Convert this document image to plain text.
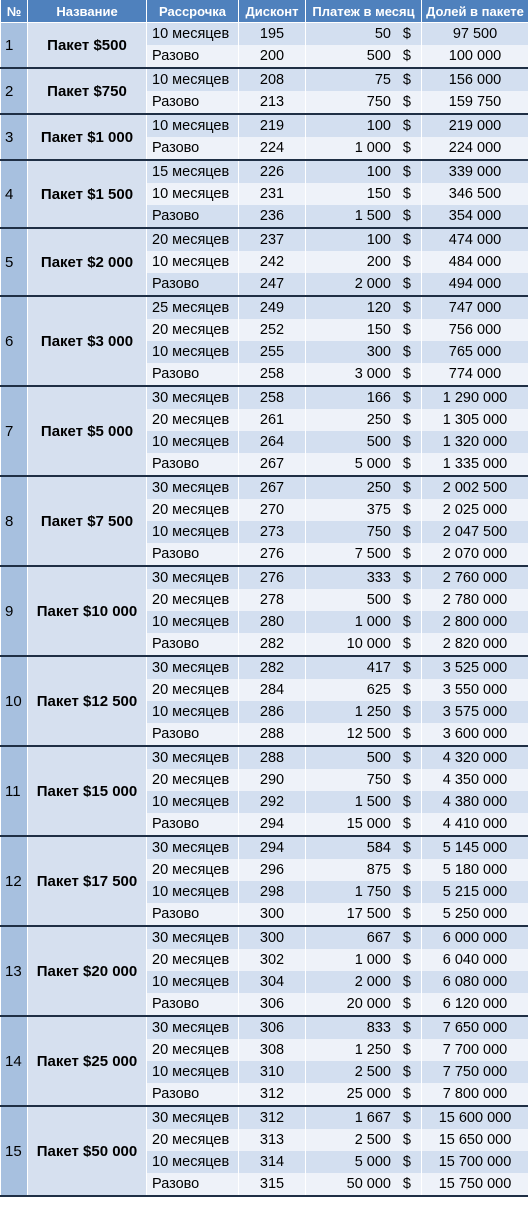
№	Название	Рассрочка	Дисконт	Платеж в месяц	Долей в пакете
1	Пакет $500	10 месяцев	195	50 $	97 500
		Разово	200	500 $	100 000
2	Пакет $750	10 месяцев	208	75 $	156 000
		Разово	213	750 $	159 750
3	Пакет $1 000	10 месяцев	219	100 $	219 000
		Разово	224	1 000 $	224 000
4	Пакет $1 500	15 месяцев	226	100 $	339 000
		10 месяцев	231	150 $	346 500
		Разово	236	1 500 $	354 000
5	Пакет $2 000	20 месяцев	237	100 $	474 000
		10 месяцев	242	200 $	484 000
		Разово	247	2 000 $	494 000
6	Пакет $3 000	25 месяцев	249	120 $	747 000
		20 месяцев	252	150 $	756 000
		10 месяцев	255	300 $	765 000
		Разово	258	3 000 $	774 000
7	Пакет $5 000	30 месяцев	258	166 $	1 290 000
		20 месяцев	261	250 $	1 305 000
		10 месяцев	264	500 $	1 320 000
		Разово	267	5 000 $	1 335 000
8	Пакет $7 500	30 месяцев	267	250 $	2 002 500
		20 месяцев	270	375 $	2 025 000
		10 месяцев	273	750 $	2 047 500
		Разово	276	7 500 $	2 070 000
9	Пакет $10 000	30 месяцев	276	333 $	2 760 000
		20 месяцев	278	500 $	2 780 000
		10 месяцев	280	1 000 $	2 800 000
		Разово	282	10 000 $	2 820 000
10	Пакет $12 500	30 месяцев	282	417 $	3 525 000
		20 месяцев	284	625 $	3 550 000
		10 месяцев	286	1 250 $	3 575 000
		Разово	288	12 500 $	3 600 000
11	Пакет $15 000	30 месяцев	288	500 $	4 320 000
		20 месяцев	290	750 $	4 350 000
		10 месяцев	292	1 500 $	4 380 000
		Разово	294	15 000 $	4 410 000
12	Пакет $17 500	30 месяцев	294	584 $	5 145 000
		20 месяцев	296	875 $	5 180 000
		10 месяцев	298	1 750 $	5 215 000
		Разово	300	17 500 $	5 250 000
13	Пакет $20 000	30 месяцев	300	667 $	6 000 000
		20 месяцев	302	1 000 $	6 040 000
		10 месяцев	304	2 000 $	6 080 000
		Разово	306	20 000 $	6 120 000
14	Пакет $25 000	30 месяцев	306	833 $	7 650 000
		20 месяцев	308	1 250 $	7 700 000
		10 месяцев	310	2 500 $	7 750 000
		Разово	312	25 000 $	7 800 000
15	Пакет $50 000	30 месяцев	312	1 667 $	15 600 000
		20 месяцев	313	2 500 $	15 650 000
		10 месяцев	314	5 000 $	15 700 000
		Разово	315	50 000 $	15 750 000
